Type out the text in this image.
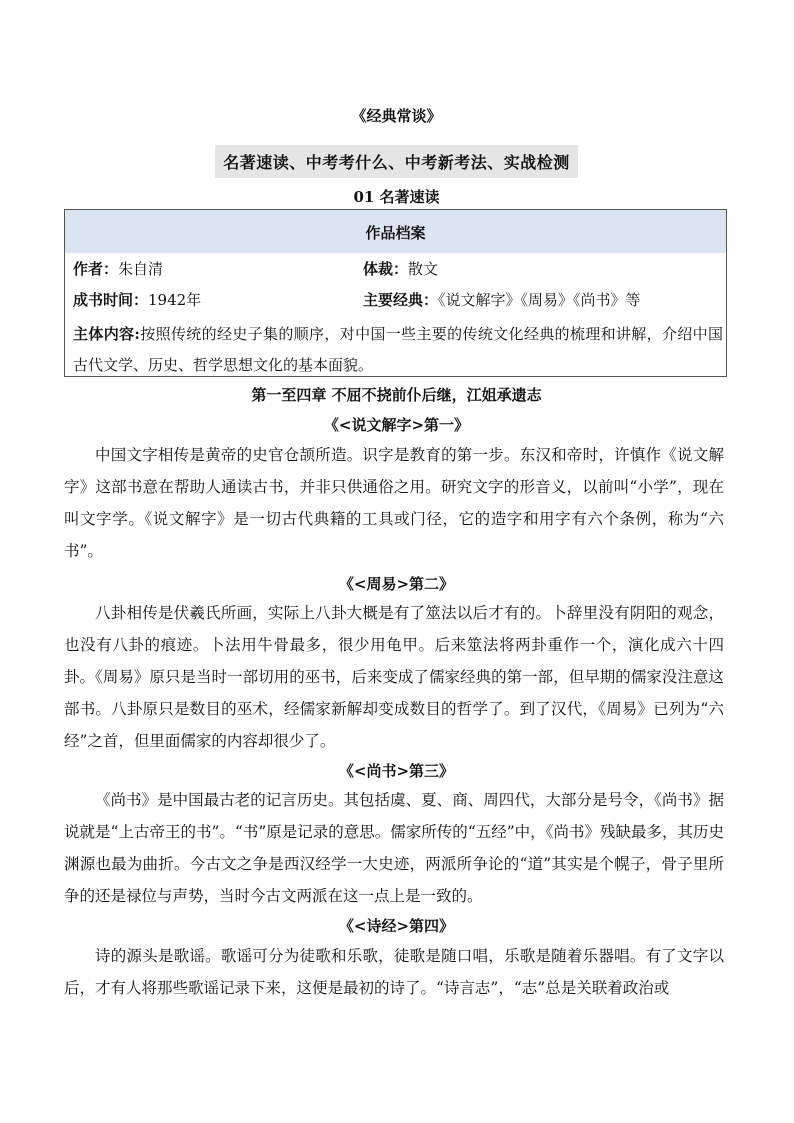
《经典常谈》
名著速读、中考考什么、中考新考法、实战检测
01 名著速读
作品档案
作者：朱自清	体裁：散文
成书时间：1942年	主要经典：《说文解字》《周易》《尚书》等
主体内容:按照传统的经史子集的顺序，对中国一些主要的传统文化经典的梳理和讲解，介绍中国古代文学、历史、哲学思想文化的基本面貌。
第一至四章 不屈不挠前仆后继，江姐承遗志
《<说文解字>第一》
中国文字相传是黄帝的史官仓颉所造。识字是教育的第一步。东汉和帝时，许慎作《说文解字》这部书意在帮助人通读古书，并非只供通俗之用。研究文字的形音义，以前叫“小学”，现在叫文字学。《说文解字》是一切古代典籍的工具或门径，它的造字和用字有六个条例，称为“六书”。
《<周易>第二》
八卦相传是伏羲氏所画，实际上八卦大概是有了筮法以后才有的。卜辞里没有阴阳的观念，也没有八卦的痕迹。卜法用牛骨最多，很少用龟甲。后来筮法将两卦重作一个，演化成六十四卦。《周易》原只是当时一部切用的巫书，后来变成了儒家经典的第一部，但早期的儒家没注意这部书。八卦原只是数目的巫术，经儒家新解却变成数目的哲学了。到了汉代，《周易》已列为“六经”之首，但里面儒家的内容却很少了。
《<尚书>第三》
《尚书》是中国最古老的记言历史。其包括虞、夏、商、周四代，大部分是号令，《尚书》据说就是“上古帝王的书”。“书”原是记录的意思。儒家所传的“五经”中，《尚书》残缺最多，其历史渊源也最为曲折。今古文之争是西汉经学一大史迹，两派所争论的“道”其实是个幌子，骨子里所争的还是禄位与声势，当时今古文两派在这一点上是一致的。
《<诗经>第四》
诗的源头是歌谣。歌谣可分为徒歌和乐歌，徒歌是随口唱，乐歌是随着乐器唱。有了文字以后，才有人将那些歌谣记录下来，这便是最初的诗了。“诗言志”，“志”总是关联着政治或
